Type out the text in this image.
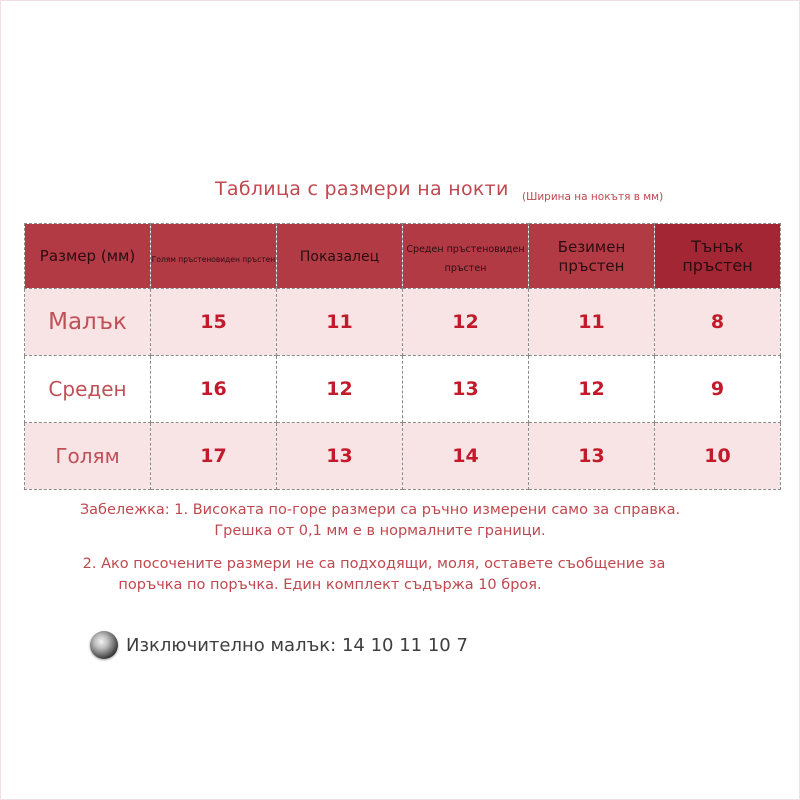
Таблица с размери на нокти (Ширина на нокътя в мм)
Размер (мм)	Голям пръстеновиден пръстен	Показалец	Среден пръстеновиден пръстен	Безимен пръстен	Тънък пръстен
Малък	15	11	12	11	8
Среден	16	12	13	12	9
Голям	17	13	14	13	10
Забележка: 1. Високата по-горе размери са ръчно измерени само за справка.
Грешка от 0,1 мм е в нормалните граници.
2. Ако посочените размери не са подходящи, моля, оставете съобщение за
поръчка по поръчка. Един комплект съдържа 10 броя.
Изключително малък: 14 10 11 10 7
